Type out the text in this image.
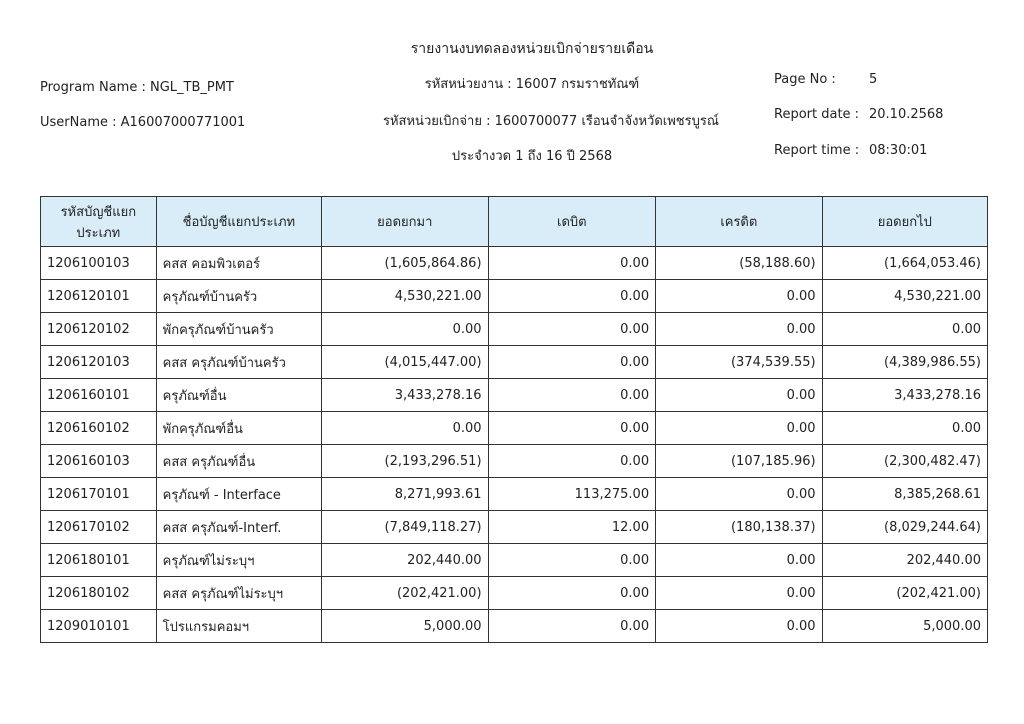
รายงานงบทดลองหน่วยเบิกจ่ายรายเดือน
รหัสหน่วยงาน : 16007 กรมราชทัณฑ์
รหัสหน่วยเบิกจ่าย : 1600700077 เรือนจำจังหวัดเพชรบูรณ์
ประจำงวด 1 ถึง 16 ปี 2568
Program Name : NGL_TB_PMT
UserName : A16007000771001
Page No :	5
Report date : 20.10.2568
Report time : 08:30:01
รหัสบัญชีแยกประเภท	ชื่อบัญชีแยกประเภท	ยอดยกมา	เดบิต	เครดิต	ยอดยกไป
1206100103	คสส คอมพิวเตอร์	(1,605,864.86)	0.00	(58,188.60)	(1,664,053.46)
1206120101	ครุภัณฑ์บ้านครัว	4,530,221.00	0.00	0.00	4,530,221.00
1206120102	พักครุภัณฑ์บ้านครัว	0.00	0.00	0.00	0.00
1206120103	คสส ครุภัณฑ์บ้านครัว	(4,015,447.00)	0.00	(374,539.55)	(4,389,986.55)
1206160101	ครุภัณฑ์อื่น	3,433,278.16	0.00	0.00	3,433,278.16
1206160102	พักครุภัณฑ์อื่น	0.00	0.00	0.00	0.00
1206160103	คสส ครุภัณฑ์อื่น	(2,193,296.51)	0.00	(107,185.96)	(2,300,482.47)
1206170101	ครุภัณฑ์ - Interface	8,271,993.61	113,275.00	0.00	8,385,268.61
1206170102	คสส ครุภัณฑ์-Interf.	(7,849,118.27)	12.00	(180,138.37)	(8,029,244.64)
1206180101	ครุภัณฑ์ไม่ระบุฯ	202,440.00	0.00	0.00	202,440.00
1206180102	คสส ครุภัณฑ์ไม่ระบุฯ	(202,421.00)	0.00	0.00	(202,421.00)
1209010101	โปรแกรมคอมฯ	5,000.00	0.00	0.00	5,000.00
